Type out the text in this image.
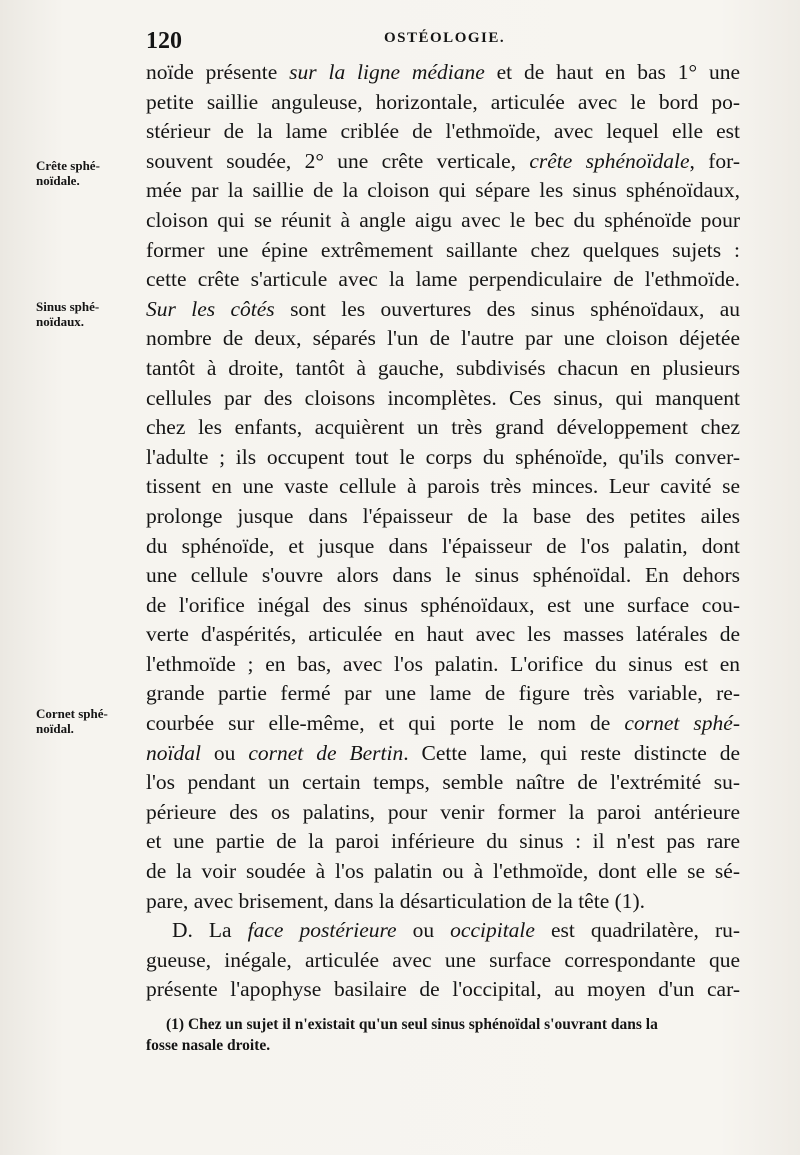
120	OSTÉOLOGIE.
Crête sphé-
noïdale.
Sinus sphé-
noïdaux.
Cornet sphé-
noïdal.
noïde présente sur la ligne médiane et de haut en bas 1° une
petite saillie anguleuse, horizontale, articulée avec le bord po-
stérieur de la lame criblée de l'ethmoïde, avec lequel elle est
souvent soudée, 2° une crête verticale, crête sphénoïdale, for-
mée par la saillie de la cloison qui sépare les sinus sphénoïdaux,
cloison qui se réunit à angle aigu avec le bec du sphénoïde pour
former une épine extrêmement saillante chez quelques sujets :
cette crête s'articule avec la lame perpendiculaire de l'ethmoïde.
Sur les côtés sont les ouvertures des sinus sphénoïdaux, au
nombre de deux, séparés l'un de l'autre par une cloison déjetée
tantôt à droite, tantôt à gauche, subdivisés chacun en plusieurs
cellules par des cloisons incomplètes. Ces sinus, qui manquent
chez les enfants, acquièrent un très grand développement chez
l'adulte ; ils occupent tout le corps du sphénoïde, qu'ils conver-
tissent en une vaste cellule à parois très minces. Leur cavité se
prolonge jusque dans l'épaisseur de la base des petites ailes
du sphénoïde, et jusque dans l'épaisseur de l'os palatin, dont
une cellule s'ouvre alors dans le sinus sphénoïdal. En dehors
de l'orifice inégal des sinus sphénoïdaux, est une surface cou-
verte d'aspérités, articulée en haut avec les masses latérales de
l'ethmoïde ; en bas, avec l'os palatin. L'orifice du sinus est en
grande partie fermé par une lame de figure très variable, re-
courbée sur elle-même, et qui porte le nom de cornet sphé-
noïdal ou cornet de Bertin. Cette lame, qui reste distincte de
l'os pendant un certain temps, semble naître de l'extrémité su-
périeure des os palatins, pour venir former la paroi antérieure
et une partie de la paroi inférieure du sinus : il n'est pas rare
de la voir soudée à l'os palatin ou à l'ethmoïde, dont elle se sé-
pare, avec brisement, dans la désarticulation de la tête (1).
D. La face postérieure ou occipitale est quadrilatère, ru-
gueuse, inégale, articulée avec une surface correspondante que
présente l'apophyse basilaire de l'occipital, au moyen d'un car-
(1) Chez un sujet il n'existait qu'un seul sinus sphénoïdal s'ouvrant dans la
fosse nasale droite.
